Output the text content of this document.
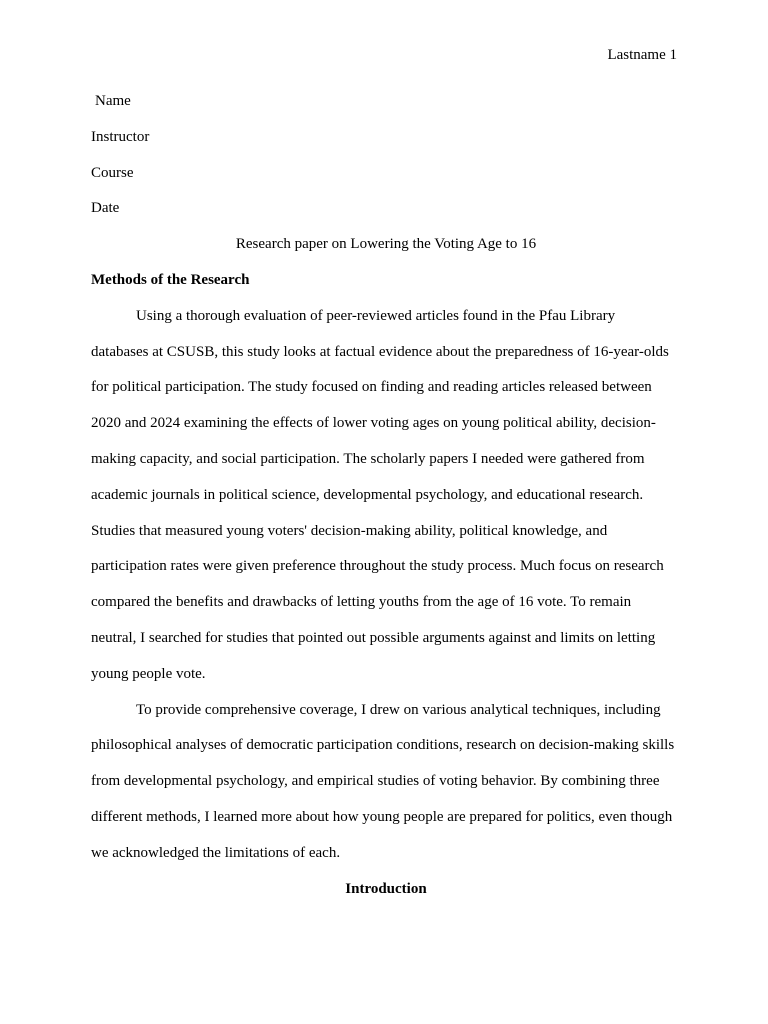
Lastname 1
Name
Instructor
Course
Date
Research paper on Lowering the Voting Age to 16
Methods of the Research
Using a thorough evaluation of peer-reviewed articles found in the Pfau Library
databases at CSUSB, this study looks at factual evidence about the preparedness of 16-year-olds
for political participation. The study focused on finding and reading articles released between
2020 and 2024 examining the effects of lower voting ages on young political ability, decision-
making capacity, and social participation. The scholarly papers I needed were gathered from
academic journals in political science, developmental psychology, and educational research.
Studies that measured young voters' decision-making ability, political knowledge, and
participation rates were given preference throughout the study process. Much focus on research
compared the benefits and drawbacks of letting youths from the age of 16 vote. To remain
neutral, I searched for studies that pointed out possible arguments against and limits on letting
young people vote.
To provide comprehensive coverage, I drew on various analytical techniques, including
philosophical analyses of democratic participation conditions, research on decision-making skills
from developmental psychology, and empirical studies of voting behavior. By combining three
different methods, I learned more about how young people are prepared for politics, even though
we acknowledged the limitations of each.
Introduction
